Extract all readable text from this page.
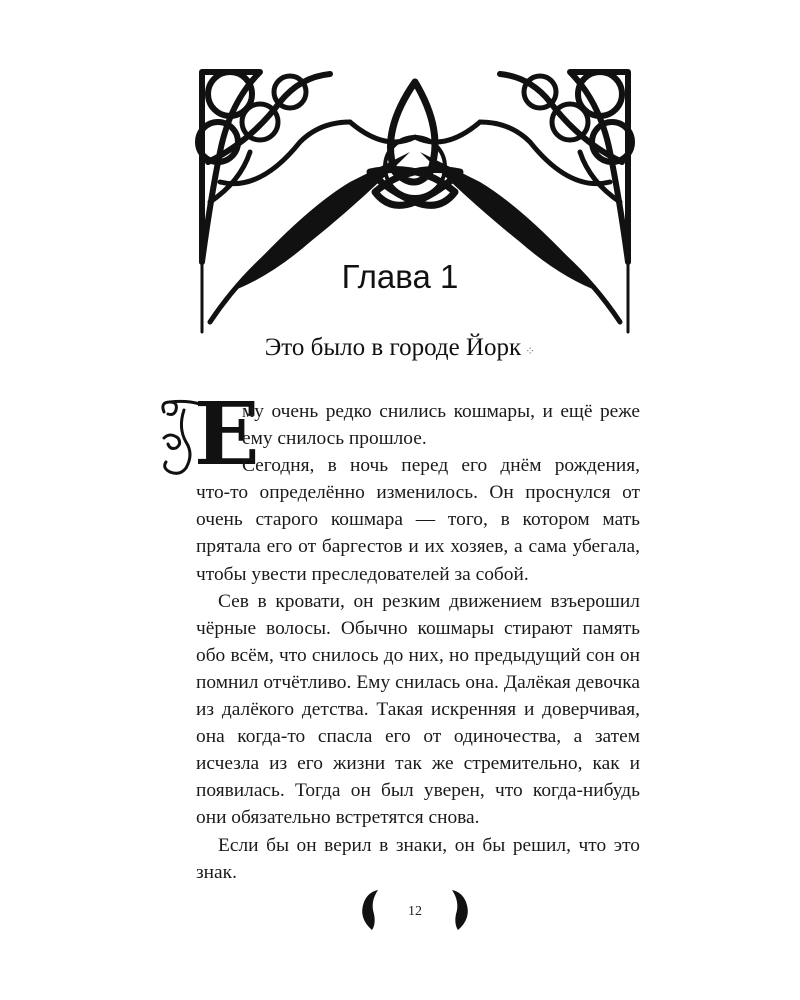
Глава 1
Это было в городе Йорк ⁘
Е

му очень редко снились кошмары, и ещё реже
ему снилось прошлое.

Сегодня, в ночь перед его днём рождения,
что-то определённо изменилось. Он проснулся от очень старого кошмара — того, в котором мать прятала его от баргестов и их хозяев, а сама убегала, чтобы увести преследователей за собой.

Сев в кровати, он резким движением взъерошил чёрные волосы. Обычно кошмары стирают память обо всём, что снилось до них, но предыдущий сон он помнил отчётливо. Ему снилась она. Далёкая девочка из далёкого детства. Такая искренняя и доверчивая, она когда-то спасла его от одиночества, а затем исчезла из его жизни так же стремительно, как и появилась. Тогда он был уверен, что когда-нибудь они обязательно встретятся снова.

Если бы он верил в знаки, он бы решил, что это знак.

12
